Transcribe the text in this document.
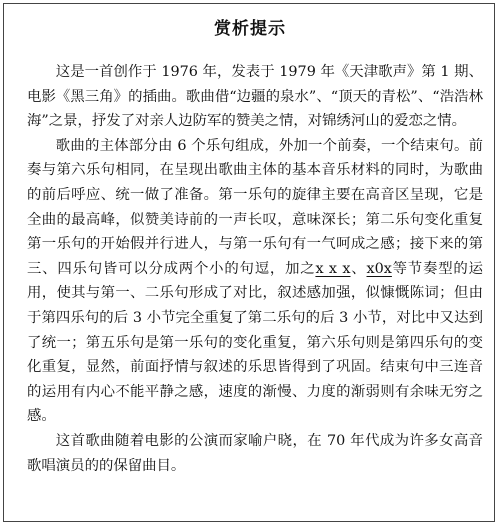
赏析提示

这是一首创作于 1976 年，发表于 1979 年《天津歌声》第 1 期、电影《黑三角》的插曲。歌曲借“边疆的泉水”、“顶天的青松”、“浩浩林海”之景，抒发了对亲人边防军的赞美之情，对锦绣河山的爱恋之情。

歌曲的主体部分由 6 个乐句组成，外加一个前奏，一个结束句。前奏与第六乐句相同，在呈现出歌曲主体的基本音乐材料的同时，为歌曲的前后呼应、统一做了准备。第一乐句的旋律主要在高音区呈现，它是全曲的最高峰，似赞美诗前的一声长叹，意味深长；第二乐句变化重复第一乐句的开始假并行进人，与第一乐句有一气呵成之感；接下来的第三、四乐句皆可以分成两个小的句逗，加之x x x、x0x等节奏型的运用，使其与第一、二乐句形成了对比，叙述感加强，似慷慨陈词；但由于第四乐句的后 3 小节完全重复了第二乐句的后 3 小节，对比中又达到了统一；第五乐句是第一乐句的变化重复，第六乐句则是第四乐句的变化重复，显然，前面抒情与叙述的乐思皆得到了巩固。结束句中三连音的运用有内心不能平静之感，速度的渐慢、力度的渐弱则有余味无穷之感。

这首歌曲随着电影的公演而家喻户晓，在 70 年代成为许多女高音歌唱演员的的保留曲目。
